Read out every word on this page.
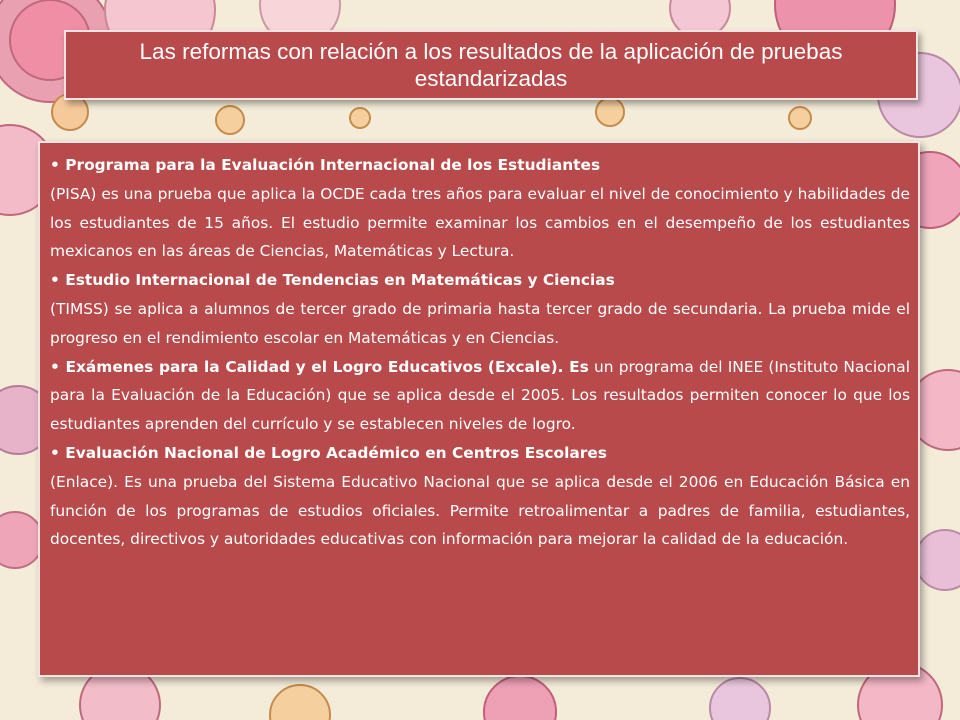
Las reformas con relación a los resultados de la aplicación de pruebas estandarizadas

• Programa para la Evaluación Internacional de los Estudiantes

(PISA) es una prueba que aplica la OCDE cada tres años para evaluar el nivel de conocimiento y habilidades de los estudiantes de 15 años. El estudio permite examinar los cambios en el desempeño de los estudiantes mexicanos en las áreas de Ciencias, Matemáticas y Lectura.

• Estudio Internacional de Tendencias en Matemáticas y Ciencias

(TIMSS) se aplica a alumnos de tercer grado de primaria hasta tercer grado de secundaria. La prueba mide el progreso en el rendimiento escolar en Matemáticas y en Ciencias.

• Exámenes para la Calidad y el Logro Educativos (Excale). Es un programa del INEE (Instituto Nacional para la Evaluación de la Educación) que se aplica desde el 2005. Los resultados permiten conocer lo que los estudiantes aprenden del currículo y se establecen niveles de logro.

• Evaluación Nacional de Logro Académico en Centros Escolares

(Enlace). Es una prueba del Sistema Educativo Nacional que se aplica desde el 2006 en Educación Básica en función de los programas de estudios oficiales. Permite retroalimentar a padres de familia, estudiantes, docentes, directivos y autoridades educativas con información para mejorar la calidad de la educación.
